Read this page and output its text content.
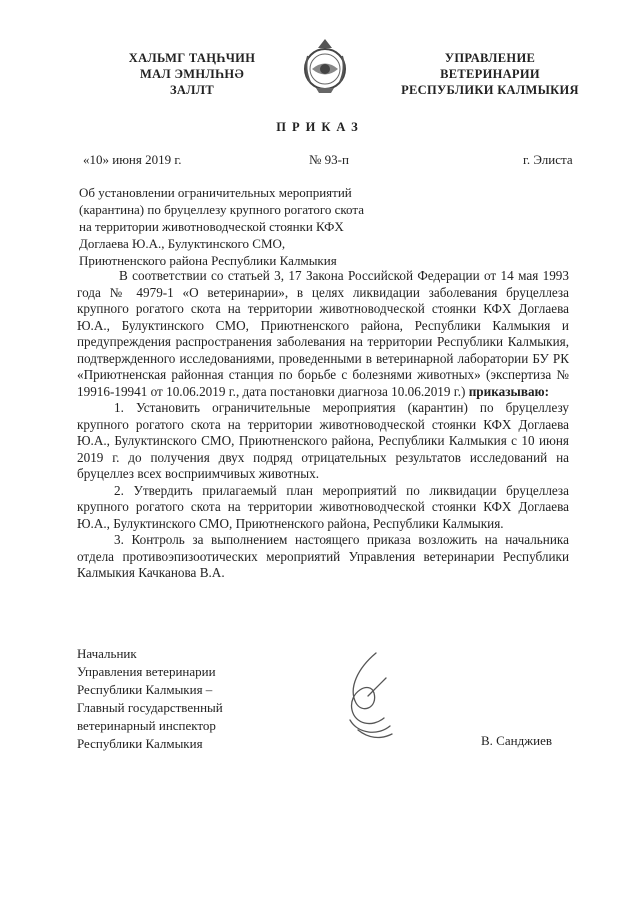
ХАЛЬМГ ТАҢҺЧИН
МАЛ ЭМНЛҺНӘ
ЗАЛЛТ
УПРАВЛЕНИЕ
ВЕТЕРИНАРИИ
РЕСПУБЛИКИ КАЛМЫКИЯ
ПРИКАЗ
«10» июня 2019 г.	№ 93-п	г. Элиста
Об установлении ограничительных мероприятий
(карантина) по бруцеллезу крупного рогатого скота
на территории животноводческой стоянки КФХ
Доглаева Ю.А., Булуктинского СМО,
Приютненского района Республики Калмыкия

В соответствии со статьей 3, 17 Закона Российской Федерации от 14 мая 1993 года № 4979-1 «О ветеринарии», в целях ликвидации заболевания бруцеллеза крупного рогатого скота на территории животноводческой стоянки КФХ Доглаева Ю.А., Булуктинского СМО, Приютненского района, Республики Калмыкия и предупреждения распространения заболевания на территории Республики Калмыкия, подтвержденного исследованиями, проведенными в ветеринарной лаборатории БУ РК «Приютненская районная станция по борьбе с болезнями животных» (экспертиза № 19916-19941 от 10.06.2019 г., дата постановки диагноза 10.06.2019 г.) приказываю:

1. Установить ограничительные мероприятия (карантин) по бруцеллезу крупного рогатого скота на территории животноводческой стоянки КФХ Доглаева Ю.А., Булуктинского СМО, Приютненского района, Республики Калмыкия с 10 июня 2019 г. до получения двух подряд отрицательных результатов исследований на бруцеллез всех восприимчивых животных.

2. Утвердить прилагаемый план мероприятий по ликвидации бруцеллеза крупного рогатого скота на территории животноводческой стоянки КФХ Доглаева Ю.А., Булуктинского СМО, Приютненского района, Республики Калмыкия.

3. Контроль за выполнением настоящего приказа возложить на начальника отдела противоэпизоотических мероприятий Управления ветеринарии Республики Калмыкия Качканова В.А.

Начальник
Управления ветеринарии
Республики Калмыкия –
Главный государственный
ветеринарный инспектор
Республики Калмыкия	В. Санджиев
